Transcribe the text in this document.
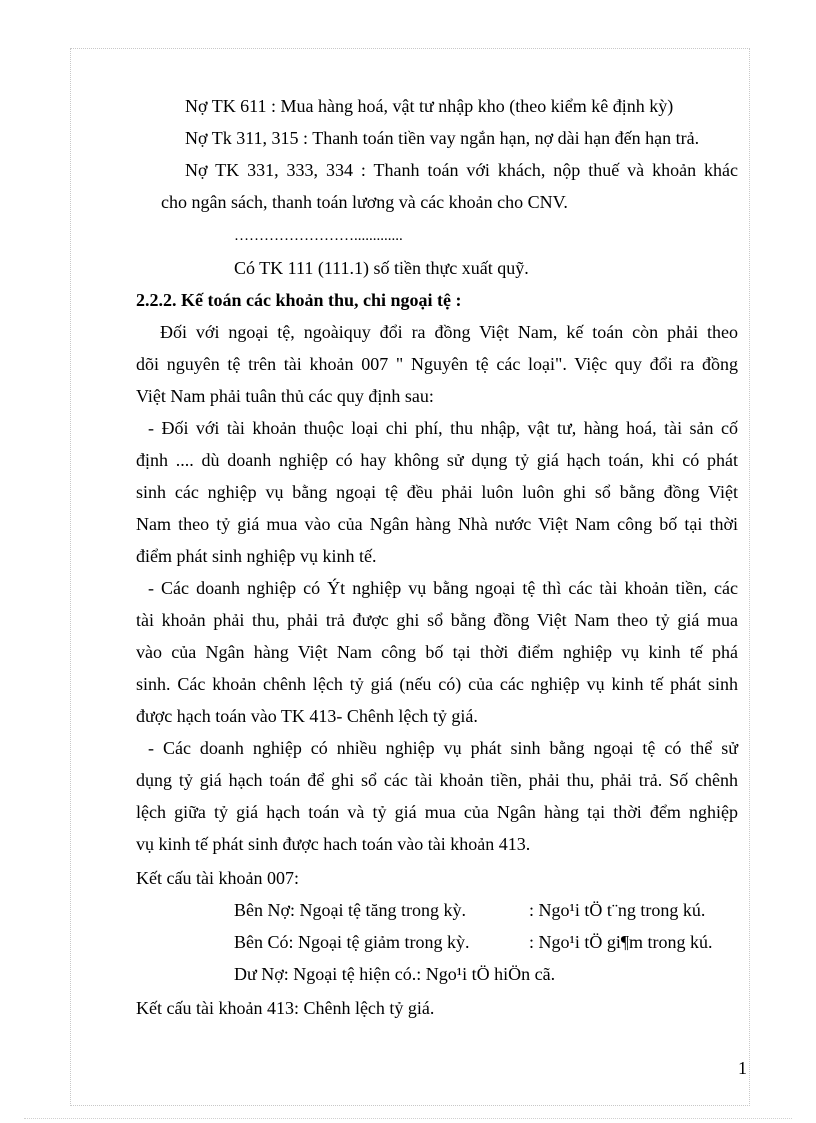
Nợ TK 611 : Mua hàng hoá, vật tư nhập kho (theo kiểm kê định kỳ)
Nợ Tk 311, 315 : Thanh toán tiền vay ngắn hạn, nợ dài hạn đến hạn trả.
Nợ TK 331, 333, 334 : Thanh toán với khách, nộp thuế và khoản khác
cho ngân sách, thanh toán lương và các khoản cho CNV.
…………………….............
Có TK 111 (111.1) số tiền thực xuất quỹ.
2.2.2. Kế toán các khoản thu, chi ngoại tệ :
Đối với ngoại tệ, ngoàiquy đổi ra đồng Việt Nam, kế toán còn phải theo
dõi nguyên tệ trên tài khoản 007 " Nguyên tệ các loại". Việc quy đổi ra đồng
Việt Nam phải tuân thủ các quy định sau:
- Đối với tài khoản thuộc loại chi phí, thu nhập, vật tư, hàng hoá, tài sản cố
định .... dù doanh nghiệp có hay không sử dụng tỷ giá hạch toán, khi có phát
sinh các nghiệp vụ bằng ngoại tệ đều phải luôn luôn ghi sổ bằng đồng Việt
Nam theo tỷ giá mua vào của Ngân hàng Nhà nước Việt Nam công bố tại thời
điểm phát sinh nghiệp vụ kinh tế.
- Các doanh nghiệp có Ýt nghiệp vụ bằng ngoại tệ thì các tài khoản tiền, các
tài khoản phải thu, phải trả được ghi sổ bằng đồng Việt Nam theo tỷ giá mua
vào của Ngân hàng Việt Nam công bố tại thời điểm nghiệp vụ kinh tế phá
sinh. Các khoản chênh lệch tỷ giá (nếu có) của các nghiệp vụ kinh tế phát sinh
được hạch toán vào TK 413- Chênh lệch tỷ giá.
- Các doanh nghiệp có nhiều nghiệp vụ phát sinh bằng ngoại tệ có thể sử
dụng tỷ giá hạch toán để ghi sổ các tài khoản tiền, phải thu, phải trả. Số chênh
lệch giữa tỷ giá hạch toán và tỷ giá mua của Ngân hàng tại thời đểm nghiệp
vụ kinh tế phát sinh được hach toán vào tài khoản 413.
Kết cấu tài khoản 007:
Bên Nợ: Ngoại tệ tăng trong kỳ.	: Ngo¹i tÖ t¨ng trong kú.
Bên Có: Ngoại tệ giảm trong kỳ.	: Ngo¹i tÖ gi¶m trong kú.
Dư Nợ: Ngoại tệ hiện có.: Ngo¹i tÖ hiÖn cã.
Kết cấu tài khoản 413: Chênh lệch tỷ giá.
1
